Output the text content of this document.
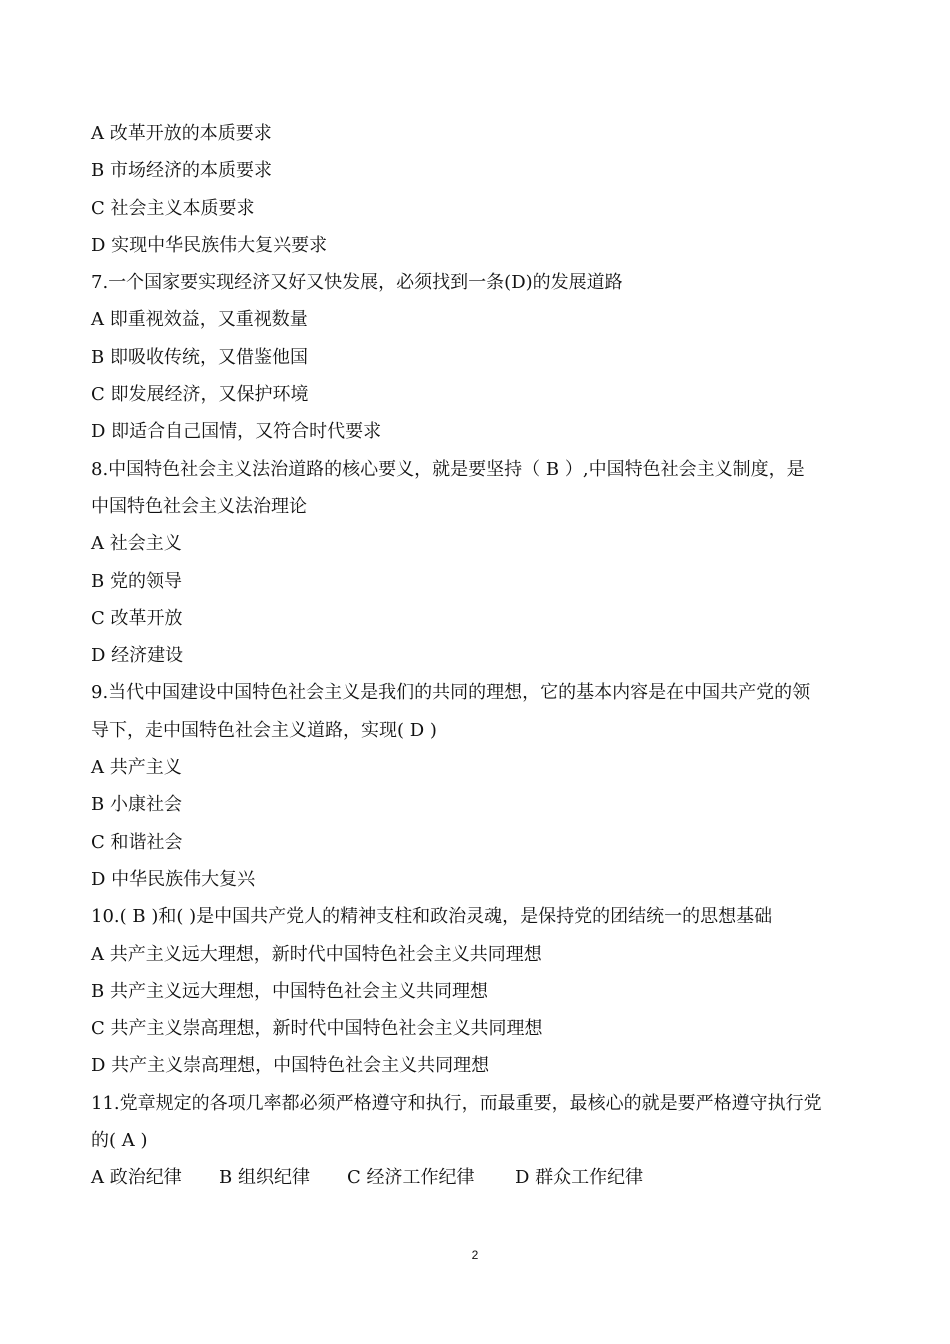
A 改革开放的本质要求
B 市场经济的本质要求
C 社会主义本质要求
D 实现中华民族伟大复兴要求
7.一个国家要实现经济又好又快发展，必须找到一条(D)的发展道路
A 即重视效益，又重视数量
B 即吸收传统，又借鉴他国
C 即发展经济，又保护环境
D 即适合自己国情，又符合时代要求
8.中国特色社会主义法治道路的核心要义，就是要坚持（ B ）,中国特色社会主义制度，是
中国特色社会主义法治理论
A 社会主义
B 党的领导
C 改革开放
D 经济建设
9.当代中国建设中国特色社会主义是我们的共同的理想，它的基本内容是在中国共产党的领
导下，走中国特色社会主义道路，实现( D )
A 共产主义
B 小康社会
C 和谐社会
D 中华民族伟大复兴
10.( B )和( )是中国共产党人的精神支柱和政治灵魂，是保持党的团结统一的思想基础
A 共产主义远大理想，新时代中国特色社会主义共同理想
B 共产主义远大理想，中国特色社会主义共同理想
C 共产主义崇高理想，新时代中国特色社会主义共同理想
D 共产主义崇高理想，中国特色社会主义共同理想
11.党章规定的各项几率都必须严格遵守和执行，而最重要，最核心的就是要严格遵守执行党
的( A )
A 政治纪律 B 组织纪律 C 经济工作纪律 D 群众工作纪律
2
